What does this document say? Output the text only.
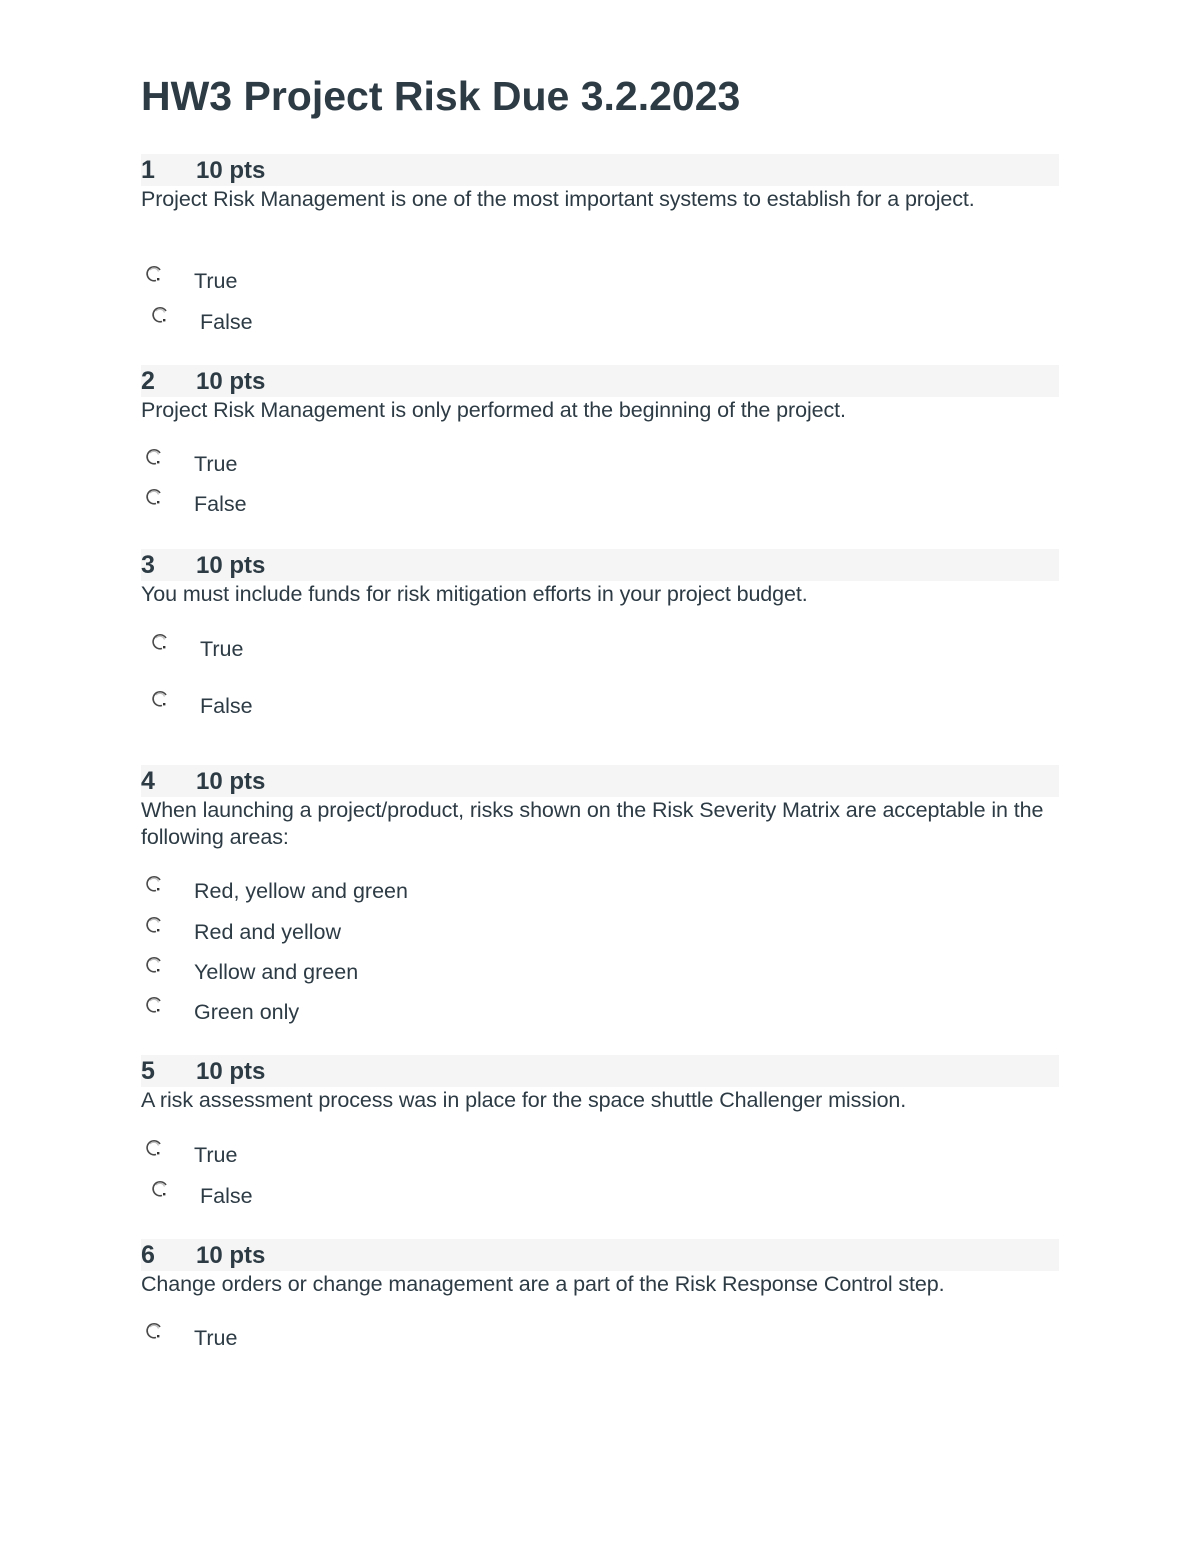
HW3 Project Risk Due 3.2.2023
1 10 pts

Project Risk Management is one of the most important systems to establish for a project.

True
False
2 10 pts

Project Risk Management is only performed at the beginning of the project.

True
False
3 10 pts

You must include funds for risk mitigation efforts in your project budget.

True
False
4 10 pts

When launching a project/product, risks shown on the Risk Severity Matrix are acceptable in the following areas:

Red, yellow and green
Red and yellow
Yellow and green
Green only
5 10 pts

A risk assessment process was in place for the space shuttle Challenger mission.

True
False
6 10 pts

Change orders or change management are a part of the Risk Response Control step.

True
